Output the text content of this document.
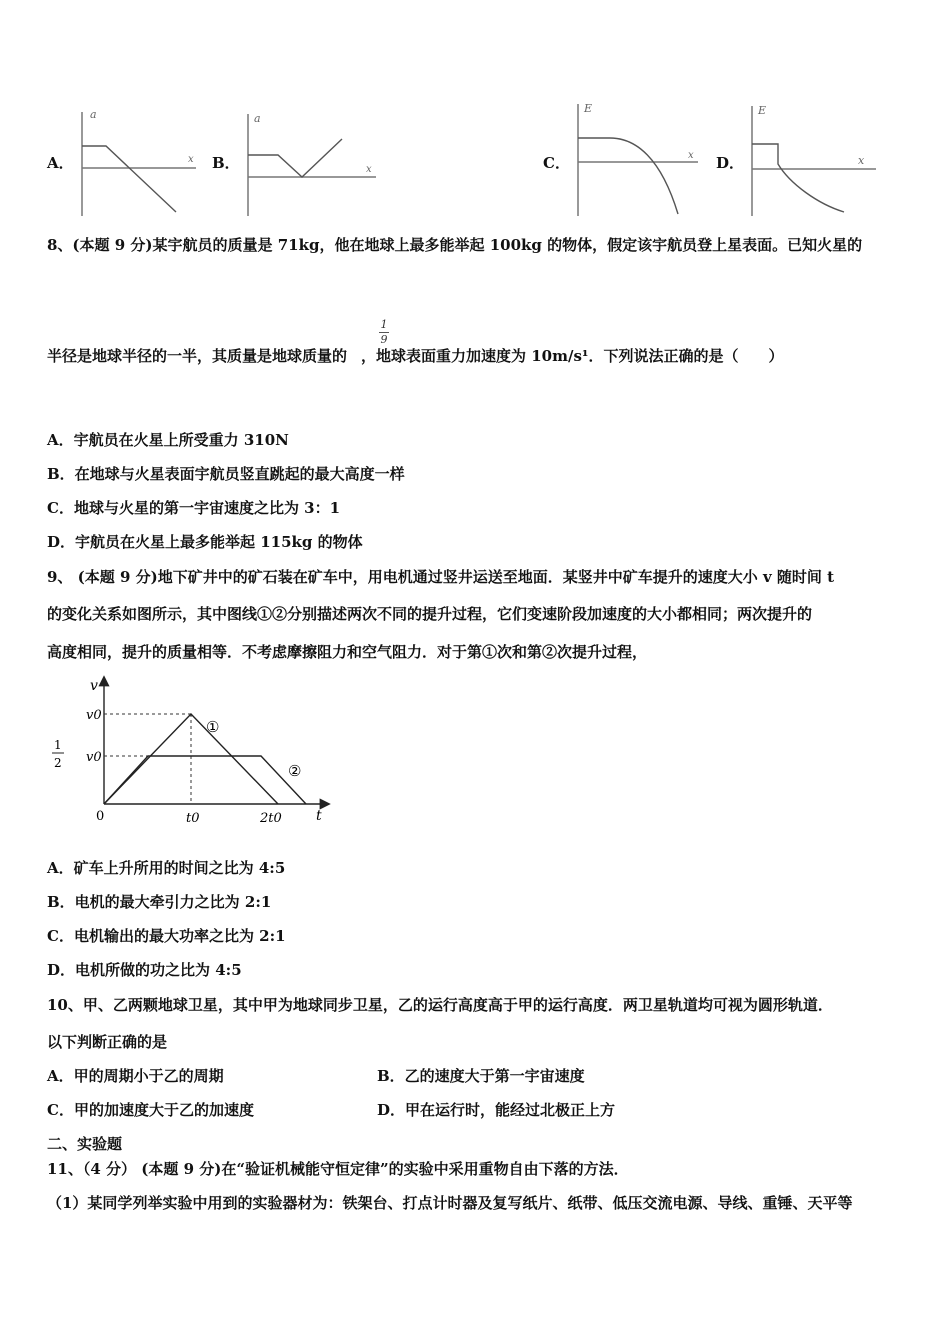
A．
a
x B．
a
x	C．
E
x D．
E
x
8、(本题 9 分)某宇航员的质量是 71kg，他在地球上最多能举起 100kg 的物体，假定该宇航员登上星表面。已知火星的
1
9
半径是地球半径的一半，其质量是地球质量的 ，地球表面重力加速度为 10m/s¹．下列说法正确的是（　　）
A．宇航员在火星上所受重力 310N
B．在地球与火星表面宇航员竖直跳起的最大高度一样
C．地球与火星的第一宇宙速度之比为 3：1
D．宇航员在火星上最多能举起 115kg 的物体
9、 (本题 9 分)地下矿井中的矿石装在矿车中，用电机通过竖井运送至地面．某竖井中矿车提升的速度大小 v 随时间 t
的变化关系如图所示，其中图线①②分别描述两次不同的提升过程，它们变速阶段加速度的大小都相同；两次提升的
高度相同，提升的质量相等．不考虑摩擦阻力和空气阻力．对于第①次和第②次提升过程，
v
v0
1
2 v0
0	t0	2t0 t
①
②
A．矿车上升所用的时间之比为 4:5
B．电机的最大牵引力之比为 2:1
C．电机输出的最大功率之比为 2:1
D．电机所做的功之比为 4:5
10、甲、乙两颗地球卫星，其中甲为地球同步卫星，乙的运行高度高于甲的运行高度．两卫星轨道均可视为圆形轨道．
以下判断正确的是
A．甲的周期小于乙的周期	B．乙的速度大于第一宇宙速度
C．甲的加速度大于乙的加速度	D．甲在运行时，能经过北极正上方
二、实验题
11、（4 分） (本题 9 分)在“验证机械能守恒定律”的实验中采用重物自由下落的方法．
（1）某同学列举实验中用到的实验器材为：铁架台、打点计时器及复写纸片、纸带、低压交流电源、导线、重锤、天平等
